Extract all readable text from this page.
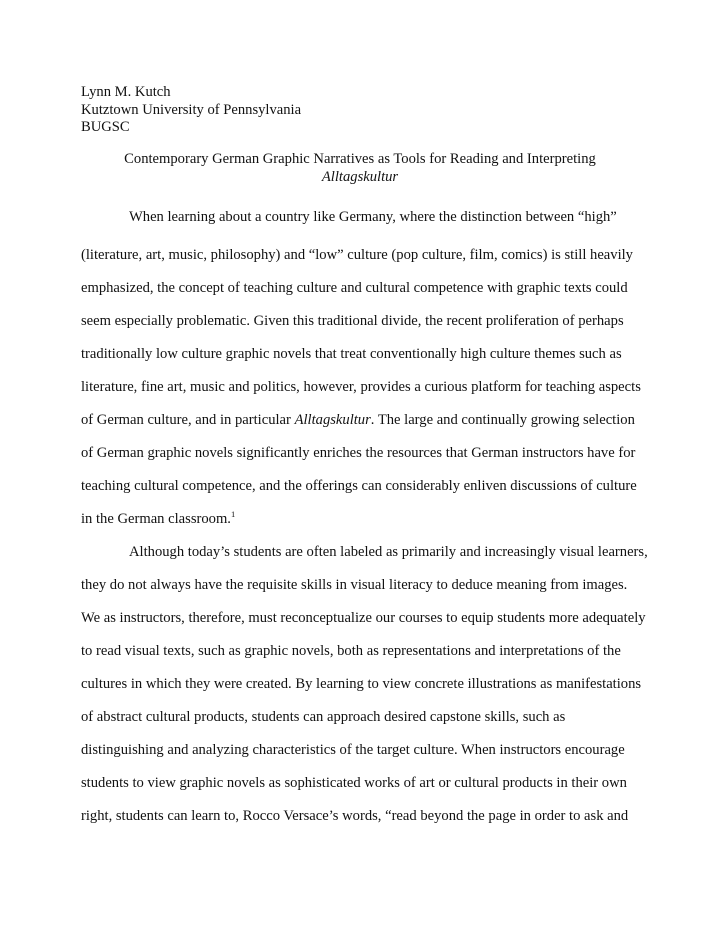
Lynn M. Kutch
Kutztown University of Pennsylvania
BUGSC
Contemporary German Graphic Narratives as Tools for Reading and Interpreting
Alltagskultur
When learning about a country like Germany, where the distinction between “high”
(literature, art, music, philosophy) and “low” culture (pop culture, film, comics) is still heavily
emphasized, the concept of teaching culture and cultural competence with graphic texts could
seem especially problematic. Given this traditional divide, the recent proliferation of perhaps
traditionally low culture graphic novels that treat conventionally high culture themes such as
literature, fine art, music and politics, however, provides a curious platform for teaching aspects
of German culture, and in particular Alltagskultur. The large and continually growing selection
of German graphic novels significantly enriches the resources that German instructors have for
teaching cultural competence, and the offerings can considerably enliven discussions of culture
in the German classroom.$^1$
Although today’s students are often labeled as primarily and increasingly visual learners,
they do not always have the requisite skills in visual literacy to deduce meaning from images.
We as instructors, therefore, must reconceptualize our courses to equip students more adequately
to read visual texts, such as graphic novels, both as representations and interpretations of the
cultures in which they were created. By learning to view concrete illustrations as manifestations
of abstract cultural products, students can approach desired capstone skills, such as
distinguishing and analyzing characteristics of the target culture. When instructors encourage
students to view graphic novels as sophisticated works of art or cultural products in their own
right, students can learn to, Rocco Versace’s words, “read beyond the page in order to ask and
